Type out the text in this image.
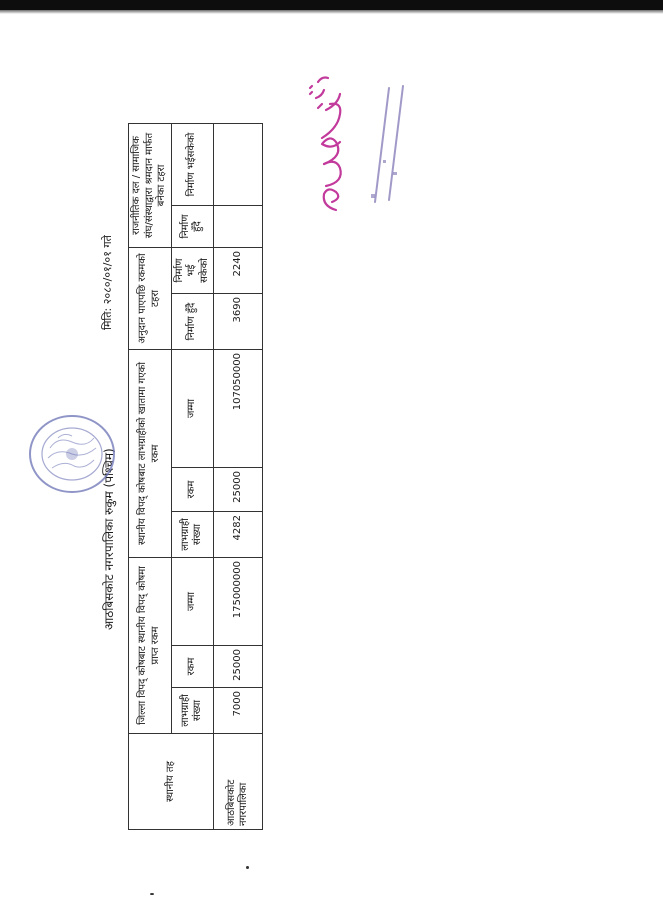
आठबिसकोट नगरपालिका रुकुम (पश्चिम)
मिति: २०८०/०१/०१ गते
स्थानीय तह	जिल्ला विपद् कोषबाट स्थानीय विपद् कोषमा प्राप्त रकम			स्थानीय विपद् कोषबाट लाभग्राहीको खातामा गएको रकम			अनुदान पाएपछि रकमको टहरा		राजनीतिक दल / सामाजिक संघ/संस्थाद्वारा श्रमदान मार्फत बनेका टहरा	
	लाभग्राही संख्या	रकम	जम्मा	लाभग्राही संख्या	रकम	जम्मा	निर्माण हुँदै	निर्माण भई सकेको	निर्माण हुँदै	निर्माण भईसकेको
आठबिसकोट नगरपालिका	7000	25000	175000000	4282	25000	107050000	3690	2240		
